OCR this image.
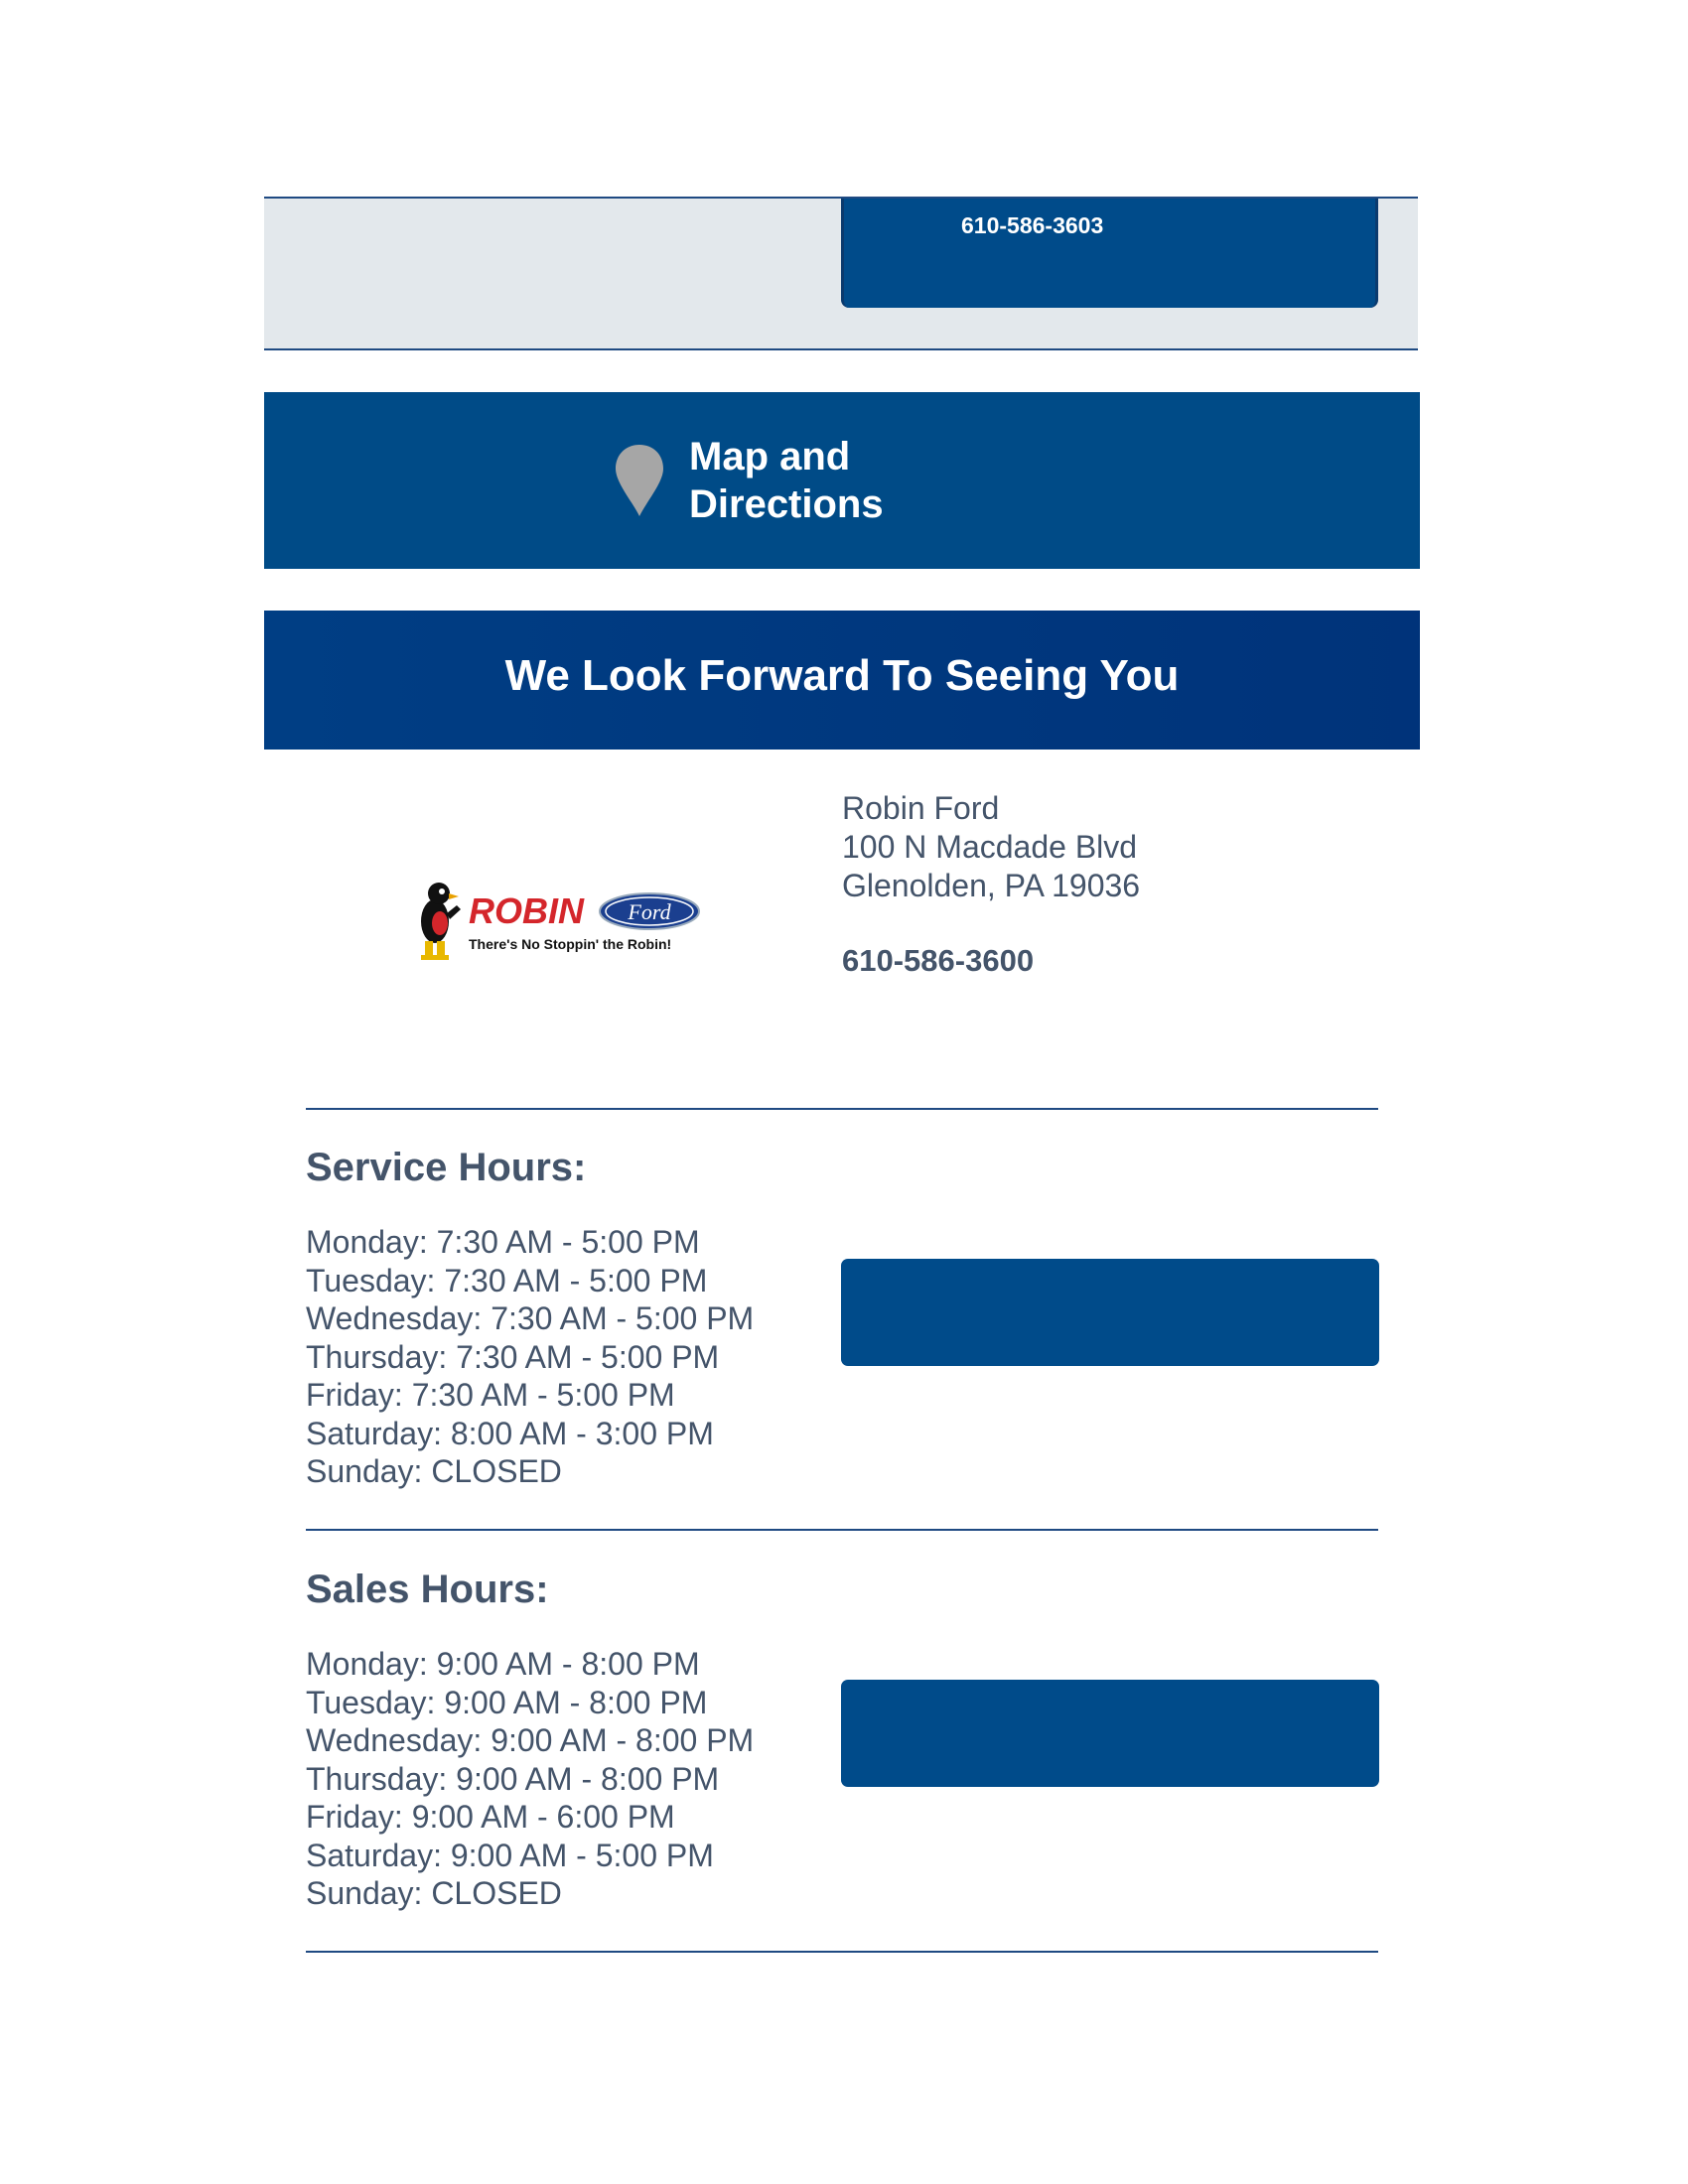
610-586-3603
Map and
Directions
We Look Forward To Seeing You
ROBIN Ford
There's No Stoppin' the Robin!
Robin Ford
100 N Macdade Blvd
Glenolden, PA 19036
610-586-3600
Service Hours:
Monday: 7:30 AM - 5:00 PM
Tuesday: 7:30 AM - 5:00 PM
Wednesday: 7:30 AM - 5:00 PM
Thursday: 7:30 AM - 5:00 PM
Friday: 7:30 AM - 5:00 PM
Saturday: 8:00 AM - 3:00 PM
Sunday: CLOSED
Sales Hours:
Monday: 9:00 AM - 8:00 PM
Tuesday: 9:00 AM - 8:00 PM
Wednesday: 9:00 AM - 8:00 PM
Thursday: 9:00 AM - 8:00 PM
Friday: 9:00 AM - 6:00 PM
Saturday: 9:00 AM - 5:00 PM
Sunday: CLOSED
